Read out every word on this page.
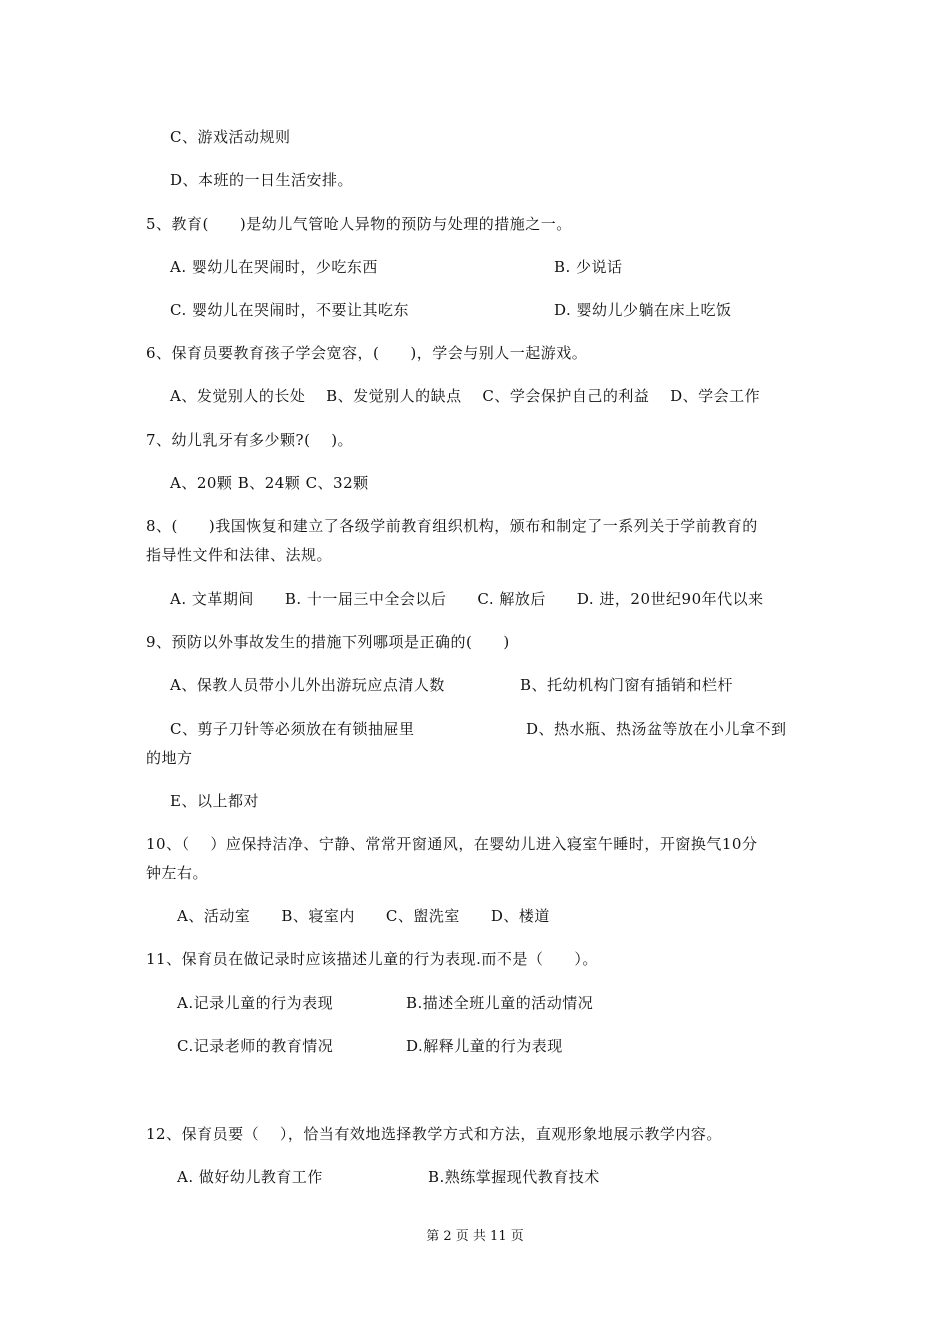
C、游戏活动规则
D、本班的一日生活安排。
5、教育(　　)是幼儿气管呛人异物的预防与处理的措施之一。
A. 婴幼儿在哭闹时，少吃东西	B. 少说话
C. 婴幼儿在哭闹时，不要让其吃东	D. 婴幼儿少躺在床上吃饭
6、保育员要教育孩子学会宽容，(　　)，学会与别人一起游戏。
A、发觉别人的长处　 B、发觉别人的缺点　 C、学会保护自己的利益　 D、学会工作
7、幼儿乳牙有多少颗?(　 )。
A、20颗 B、24颗 C、32颗
8、(　　)我国恢复和建立了各级学前教育组织机构，颁布和制定了一系列关于学前教育的
指导性文件和法律、法规。
A. 文革期间　　B. 十一届三中全会以后　　C. 解放后　　D. 进，20世纪90年代以来
9、预防以外事故发生的措施下列哪项是正确的(　　)
A、保教人员带小儿外出游玩应点清人数	B、托幼机构门窗有插销和栏杆
C、剪子刀针等必须放在有锁抽屉里	D、热水瓶、热汤盆等放在小儿拿不到
的地方
E、以上都对
10、（　 ）应保持洁净、宁静、常常开窗通风，在婴幼儿进入寝室午睡时，开窗换气10分
钟左右。
A、活动室　　B、寝室内　　C、盥洗室　　D、楼道
11、保育员在做记录时应该描述儿童的行为表现.而不是（　　）。
A.记录儿童的行为表现	B.描述全班儿童的活动情况
C.记录老师的教育情况	D.解释儿童的行为表现
12、保育员要（　 ），恰当有效地选择教学方式和方法，直观形象地展示教学内容。
A. 做好幼儿教育工作	B.熟练掌握现代教育技术
第 2 页 共 11 页
